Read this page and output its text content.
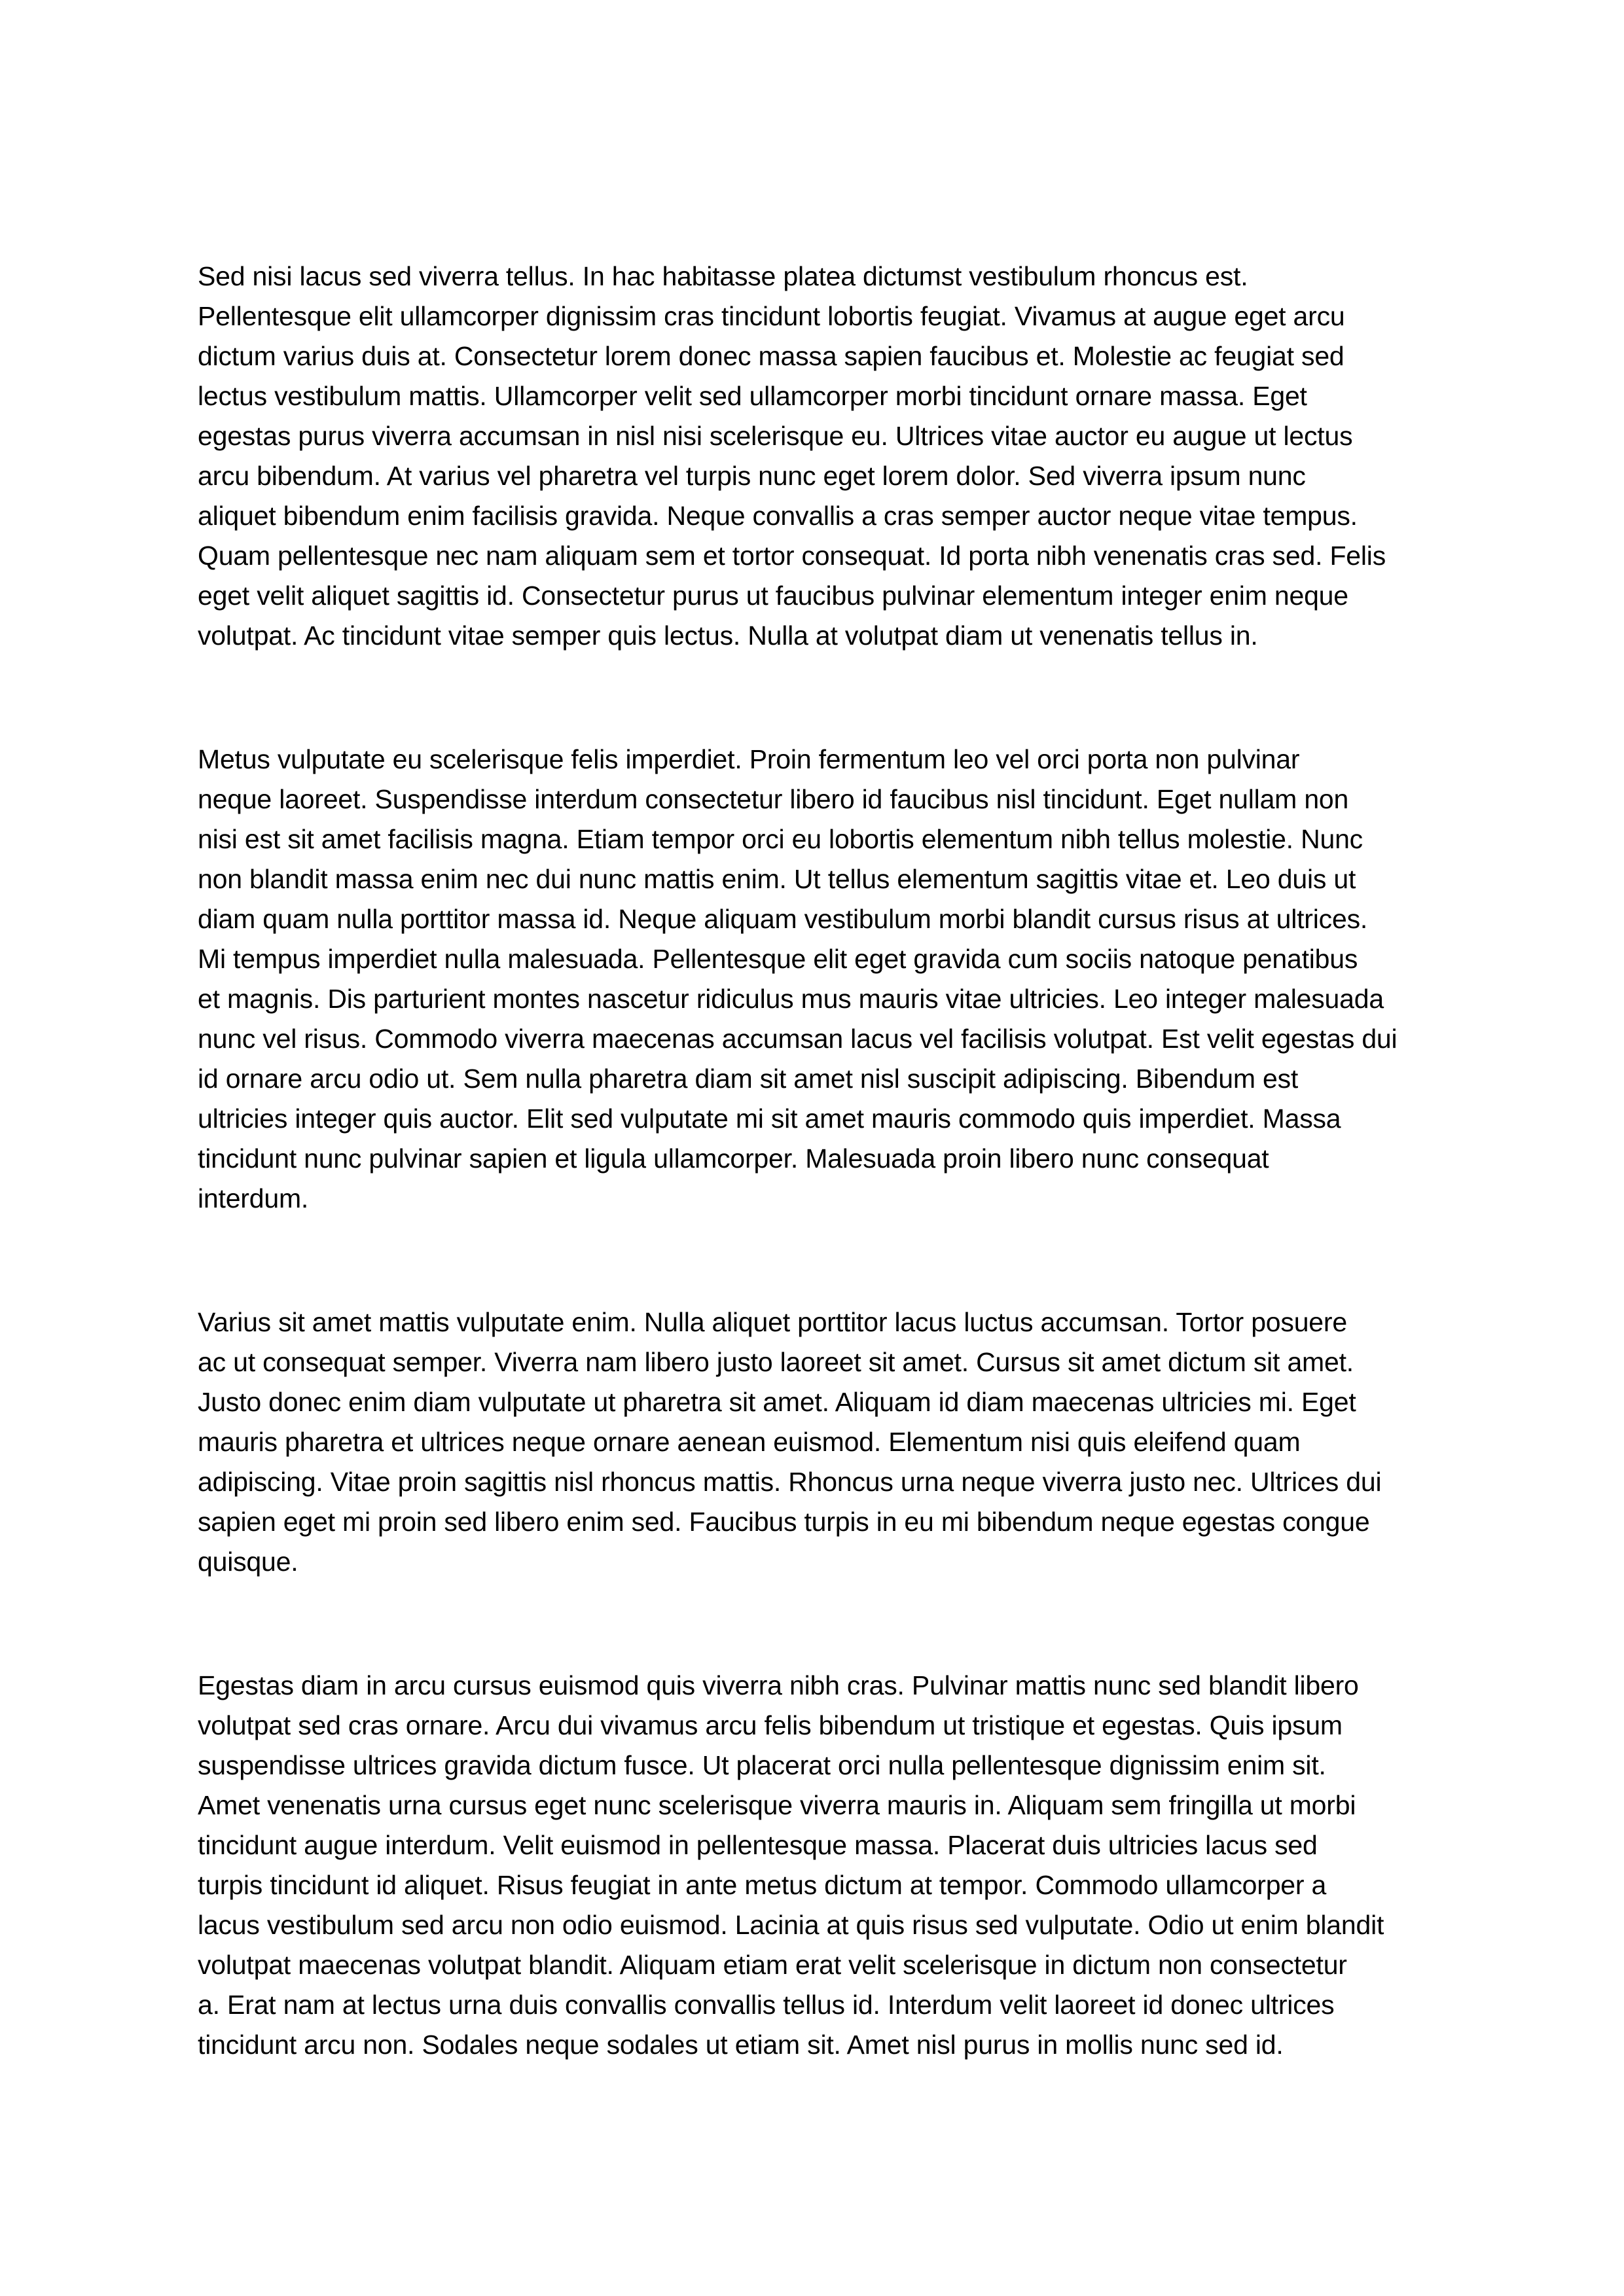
Sed nisi lacus sed viverra tellus. In hac habitasse platea dictumst vestibulum rhoncus est.
Pellentesque elit ullamcorper dignissim cras tincidunt lobortis feugiat. Vivamus at augue eget arcu
dictum varius duis at. Consectetur lorem donec massa sapien faucibus et. Molestie ac feugiat sed
lectus vestibulum mattis. Ullamcorper velit sed ullamcorper morbi tincidunt ornare massa. Eget
egestas purus viverra accumsan in nisl nisi scelerisque eu. Ultrices vitae auctor eu augue ut lectus
arcu bibendum. At varius vel pharetra vel turpis nunc eget lorem dolor. Sed viverra ipsum nunc
aliquet bibendum enim facilisis gravida. Neque convallis a cras semper auctor neque vitae tempus.
Quam pellentesque nec nam aliquam sem et tortor consequat. Id porta nibh venenatis cras sed. Felis
eget velit aliquet sagittis id. Consectetur purus ut faucibus pulvinar elementum integer enim neque
volutpat. Ac tincidunt vitae semper quis lectus. Nulla at volutpat diam ut venenatis tellus in.

Metus vulputate eu scelerisque felis imperdiet. Proin fermentum leo vel orci porta non pulvinar
neque laoreet. Suspendisse interdum consectetur libero id faucibus nisl tincidunt. Eget nullam non
nisi est sit amet facilisis magna. Etiam tempor orci eu lobortis elementum nibh tellus molestie. Nunc
non blandit massa enim nec dui nunc mattis enim. Ut tellus elementum sagittis vitae et. Leo duis ut
diam quam nulla porttitor massa id. Neque aliquam vestibulum morbi blandit cursus risus at ultrices.
Mi tempus imperdiet nulla malesuada. Pellentesque elit eget gravida cum sociis natoque penatibus
et magnis. Dis parturient montes nascetur ridiculus mus mauris vitae ultricies. Leo integer malesuada
nunc vel risus. Commodo viverra maecenas accumsan lacus vel facilisis volutpat. Est velit egestas dui
id ornare arcu odio ut. Sem nulla pharetra diam sit amet nisl suscipit adipiscing. Bibendum est
ultricies integer quis auctor. Elit sed vulputate mi sit amet mauris commodo quis imperdiet. Massa
tincidunt nunc pulvinar sapien et ligula ullamcorper. Malesuada proin libero nunc consequat
interdum.

Varius sit amet mattis vulputate enim. Nulla aliquet porttitor lacus luctus accumsan. Tortor posuere
ac ut consequat semper. Viverra nam libero justo laoreet sit amet. Cursus sit amet dictum sit amet.
Justo donec enim diam vulputate ut pharetra sit amet. Aliquam id diam maecenas ultricies mi. Eget
mauris pharetra et ultrices neque ornare aenean euismod. Elementum nisi quis eleifend quam
adipiscing. Vitae proin sagittis nisl rhoncus mattis. Rhoncus urna neque viverra justo nec. Ultrices dui
sapien eget mi proin sed libero enim sed. Faucibus turpis in eu mi bibendum neque egestas congue
quisque.

Egestas diam in arcu cursus euismod quis viverra nibh cras. Pulvinar mattis nunc sed blandit libero
volutpat sed cras ornare. Arcu dui vivamus arcu felis bibendum ut tristique et egestas. Quis ipsum
suspendisse ultrices gravida dictum fusce. Ut placerat orci nulla pellentesque dignissim enim sit.
Amet venenatis urna cursus eget nunc scelerisque viverra mauris in. Aliquam sem fringilla ut morbi
tincidunt augue interdum. Velit euismod in pellentesque massa. Placerat duis ultricies lacus sed
turpis tincidunt id aliquet. Risus feugiat in ante metus dictum at tempor. Commodo ullamcorper a
lacus vestibulum sed arcu non odio euismod. Lacinia at quis risus sed vulputate. Odio ut enim blandit
volutpat maecenas volutpat blandit. Aliquam etiam erat velit scelerisque in dictum non consectetur
a. Erat nam at lectus urna duis convallis convallis tellus id. Interdum velit laoreet id donec ultrices
tincidunt arcu non. Sodales neque sodales ut etiam sit. Amet nisl purus in mollis nunc sed id.
